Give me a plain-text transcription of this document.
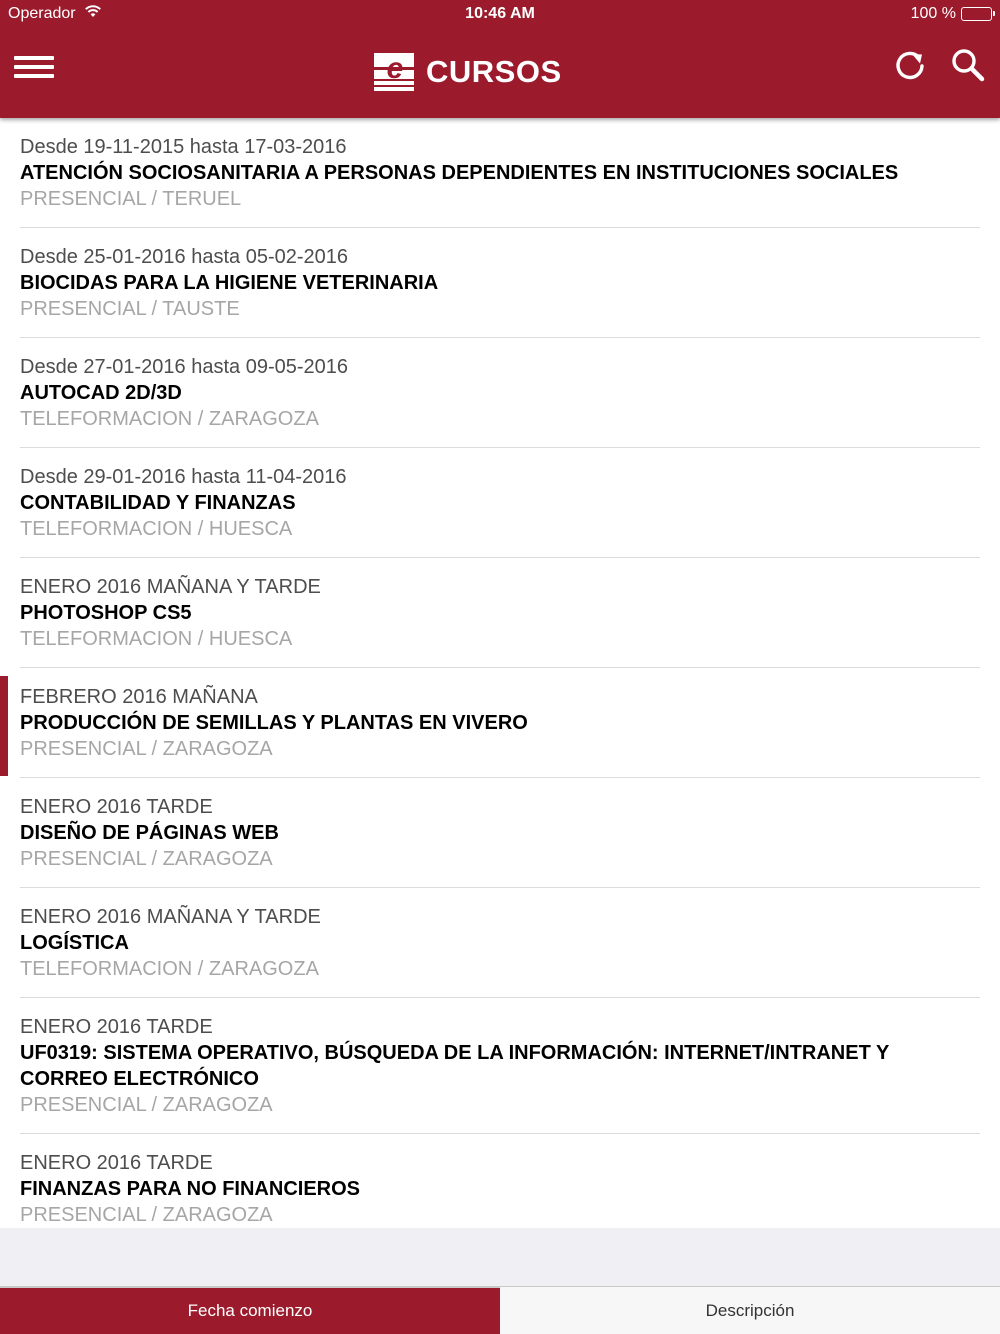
Operador	10:46 AM	100 %
e CURSOS
Desde 19-11-2015 hasta 17-03-2016
ATENCIÓN SOCIOSANITARIA A PERSONAS DEPENDIENTES EN INSTITUCIONES SOCIALES
PRESENCIAL / TERUEL
Desde 25-01-2016 hasta 05-02-2016
BIOCIDAS PARA LA HIGIENE VETERINARIA
PRESENCIAL / TAUSTE
Desde 27-01-2016 hasta 09-05-2016
AUTOCAD 2D/3D
TELEFORMACION / ZARAGOZA
Desde 29-01-2016 hasta 11-04-2016
CONTABILIDAD Y FINANZAS
TELEFORMACION / HUESCA
ENERO 2016 MAÑANA Y TARDE
PHOTOSHOP CS5
TELEFORMACION / HUESCA
FEBRERO 2016 MAÑANA
PRODUCCIÓN DE SEMILLAS Y PLANTAS EN VIVERO
PRESENCIAL / ZARAGOZA
ENERO 2016 TARDE
DISEÑO DE PÁGINAS WEB
PRESENCIAL / ZARAGOZA
ENERO 2016 MAÑANA Y TARDE
LOGÍSTICA
TELEFORMACION / ZARAGOZA
ENERO 2016 TARDE
UF0319: SISTEMA OPERATIVO, BÚSQUEDA DE LA INFORMACIÓN: INTERNET/INTRANET Y CORREO ELECTRÓNICO
PRESENCIAL / ZARAGOZA
ENERO 2016 TARDE
FINANZAS PARA NO FINANCIEROS
PRESENCIAL / ZARAGOZA
Fecha comienzo	Descripción
